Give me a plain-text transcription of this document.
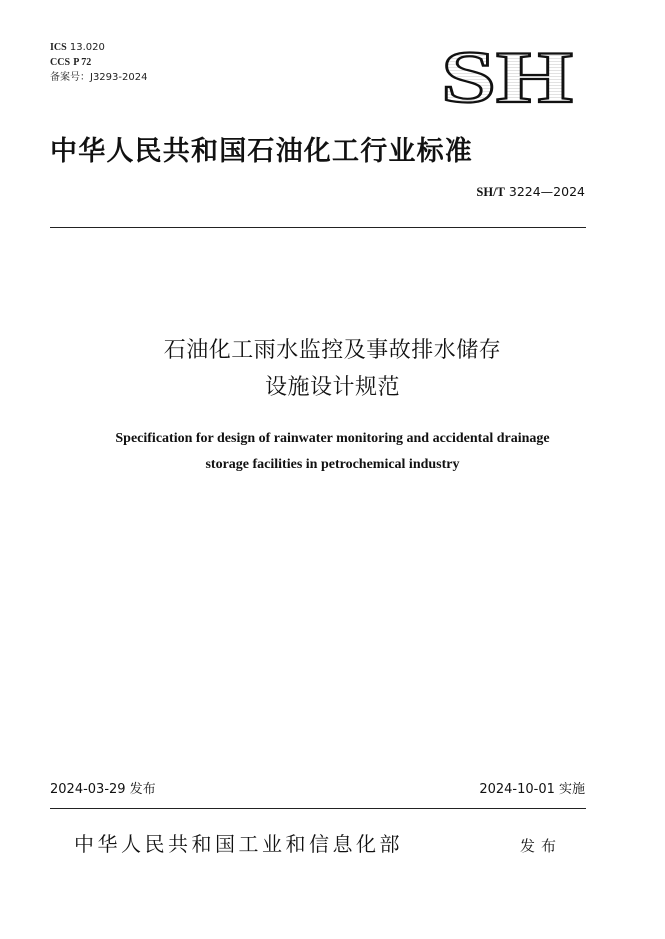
ICS 13.020
CCS P 72
备案号：J3293-2024	SH
中华人民共和国石油化工行业标准
SH/T 3224—2024
石油化工雨水监控及事故排水储存
设施设计规范
Specification for design of rainwater monitoring and accidental drainage
storage facilities in petrochemical industry
2024-03-29 发布	2024-10-01 实施
中华人民共和国工业和信息化部	发布
